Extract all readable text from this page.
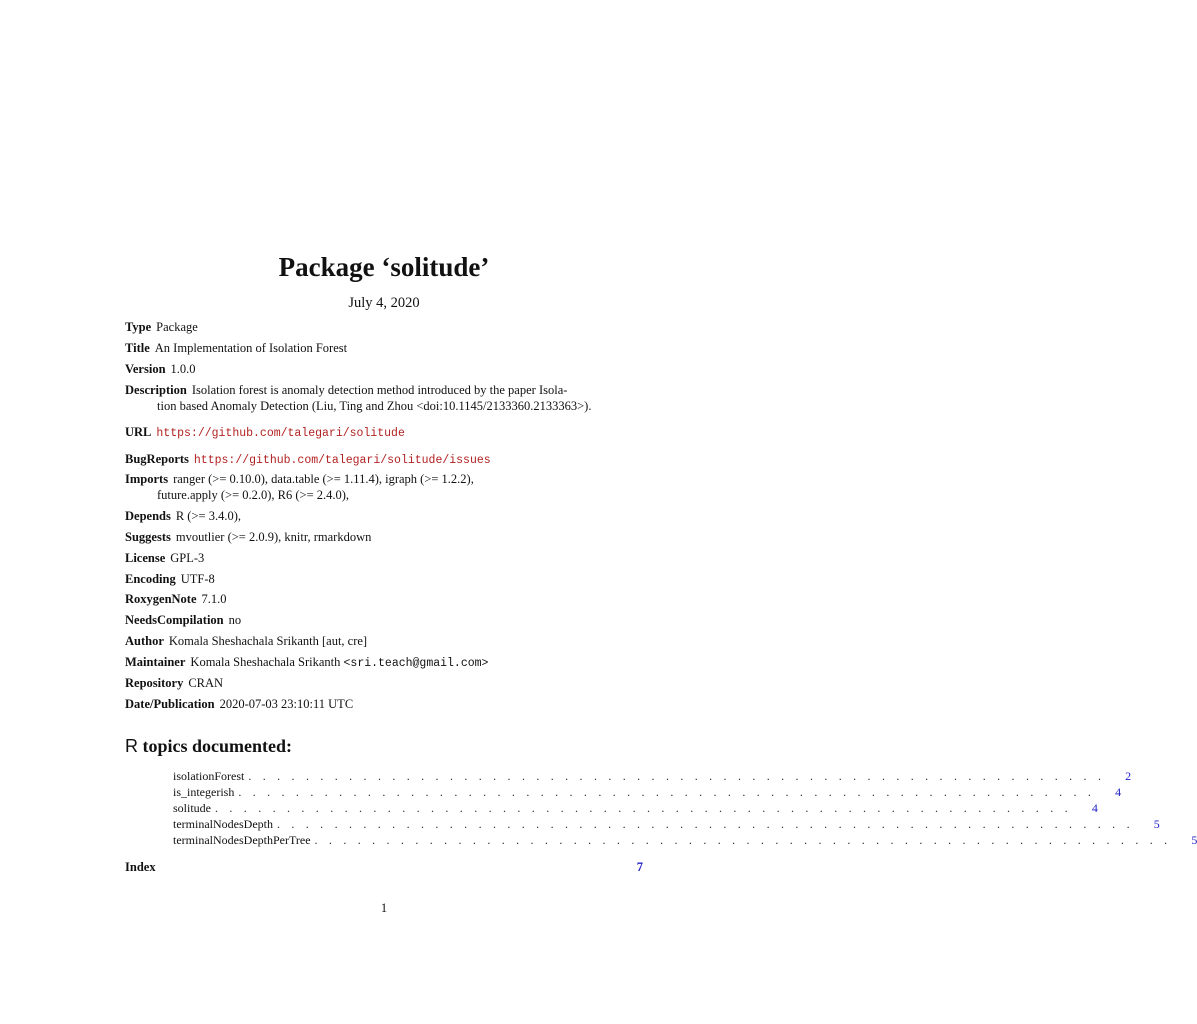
Package ‘solitude’
July 4, 2020
Type Package
Title An Implementation of Isolation Forest
Version 1.0.0
Description Isolation forest is anomaly detection method introduced by the paper Isola-
tion based Anomaly Detection (Liu, Ting and Zhou <doi:10.1145/2133360.2133363>).
URL https://github.com/talegari/solitude
BugReports https://github.com/talegari/solitude/issues
Imports ranger (>= 0.10.0), data.table (>= 1.11.4), igraph (>= 1.2.2),
future.apply (>= 0.2.0), R6 (>= 2.4.0),
Depends R (>= 3.4.0),
Suggests mvoutlier (>= 2.0.9), knitr, rmarkdown
License GPL-3
Encoding UTF-8
RoxygenNote 7.1.0
NeedsCompilation no
Author Komala Sheshachala Srikanth [aut, cre]
Maintainer Komala Sheshachala Srikanth <sri.teach@gmail.com>
Repository CRAN
Date/Publication 2020-07-03 23:10:11 UTC
R topics documented:
isolationForest . . . . . . . . . . . . . . . . . . . . . . . . . . . . . . . . . . . . . . . . . . . . . . . . . . . . . . . . . . . .	2
is_integerish . . . . . . . . . . . . . . . . . . . . . . . . . . . . . . . . . . . . . . . . . . . . . . . . . . . . . . . . . . . .	4
solitude . . . . . . . . . . . . . . . . . . . . . . . . . . . . . . . . . . . . . . . . . . . . . . . . . . . . . . . . . . . .	4
terminalNodesDepth . . . . . . . . . . . . . . . . . . . . . . . . . . . . . . . . . . . . . . . . . . . . . . . . . . . . . . . . . . . .	5
terminalNodesDepthPerTree . . . . . . . . . . . . . . . . . . . . . . . . . . . . . . . . . . . . . . . . . . . . . . . . . . . . . . . . . . . .	5
Index	7
1
